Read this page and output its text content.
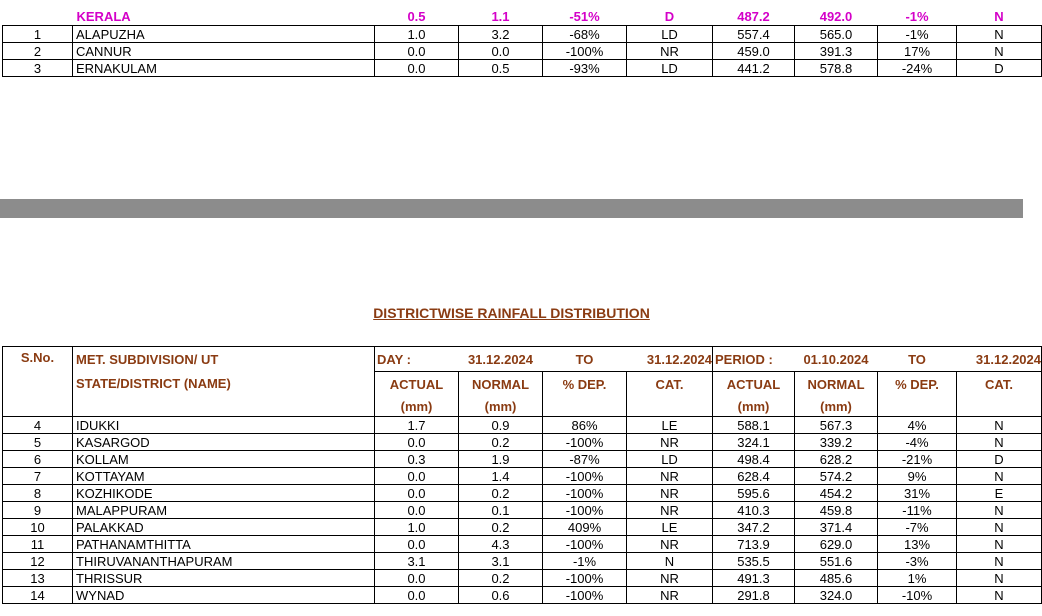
	KERALA	0.5	1.1	-51%	D	487.2	492.0	-1%	N
1	ALAPUZHA	1.0	3.2	-68%	LD	557.4	565.0	-1%	N
2	CANNUR	0.0	0.0	-100%	NR	459.0	391.3	17%	N
3	ERNAKULAM	0.0	0.5	-93%	LD	441.2	578.8	-24%	D
DISTRICTWISE RAINFALL DISTRIBUTION
S.No.	MET. SUBDIVISION/ UT	DAY :	31.12.2024	TO	31.12.2024	PERIOD :	01.10.2024	TO	31.12.2024
	STATE/DISTRICT (NAME)	ACTUAL	NORMAL	% DEP.	CAT.	ACTUAL	NORMAL	% DEP.	CAT.
		(mm)	(mm)			(mm)	(mm)		
4	IDUKKI	1.7	0.9	86%	LE	588.1	567.3	4%	N
5	KASARGOD	0.0	0.2	-100%	NR	324.1	339.2	-4%	N
6	KOLLAM	0.3	1.9	-87%	LD	498.4	628.2	-21%	D
7	KOTTAYAM	0.0	1.4	-100%	NR	628.4	574.2	9%	N
8	KOZHIKODE	0.0	0.2	-100%	NR	595.6	454.2	31%	E
9	MALAPPURAM	0.0	0.1	-100%	NR	410.3	459.8	-11%	N
10	PALAKKAD	1.0	0.2	409%	LE	347.2	371.4	-7%	N
11	PATHANAMTHITTA	0.0	4.3	-100%	NR	713.9	629.0	13%	N
12	THIRUVANANTHAPURAM	3.1	3.1	-1%	N	535.5	551.6	-3%	N
13	THRISSUR	0.0	0.2	-100%	NR	491.3	485.6	1%	N
14	WYNAD	0.0	0.6	-100%	NR	291.8	324.0	-10%	N
